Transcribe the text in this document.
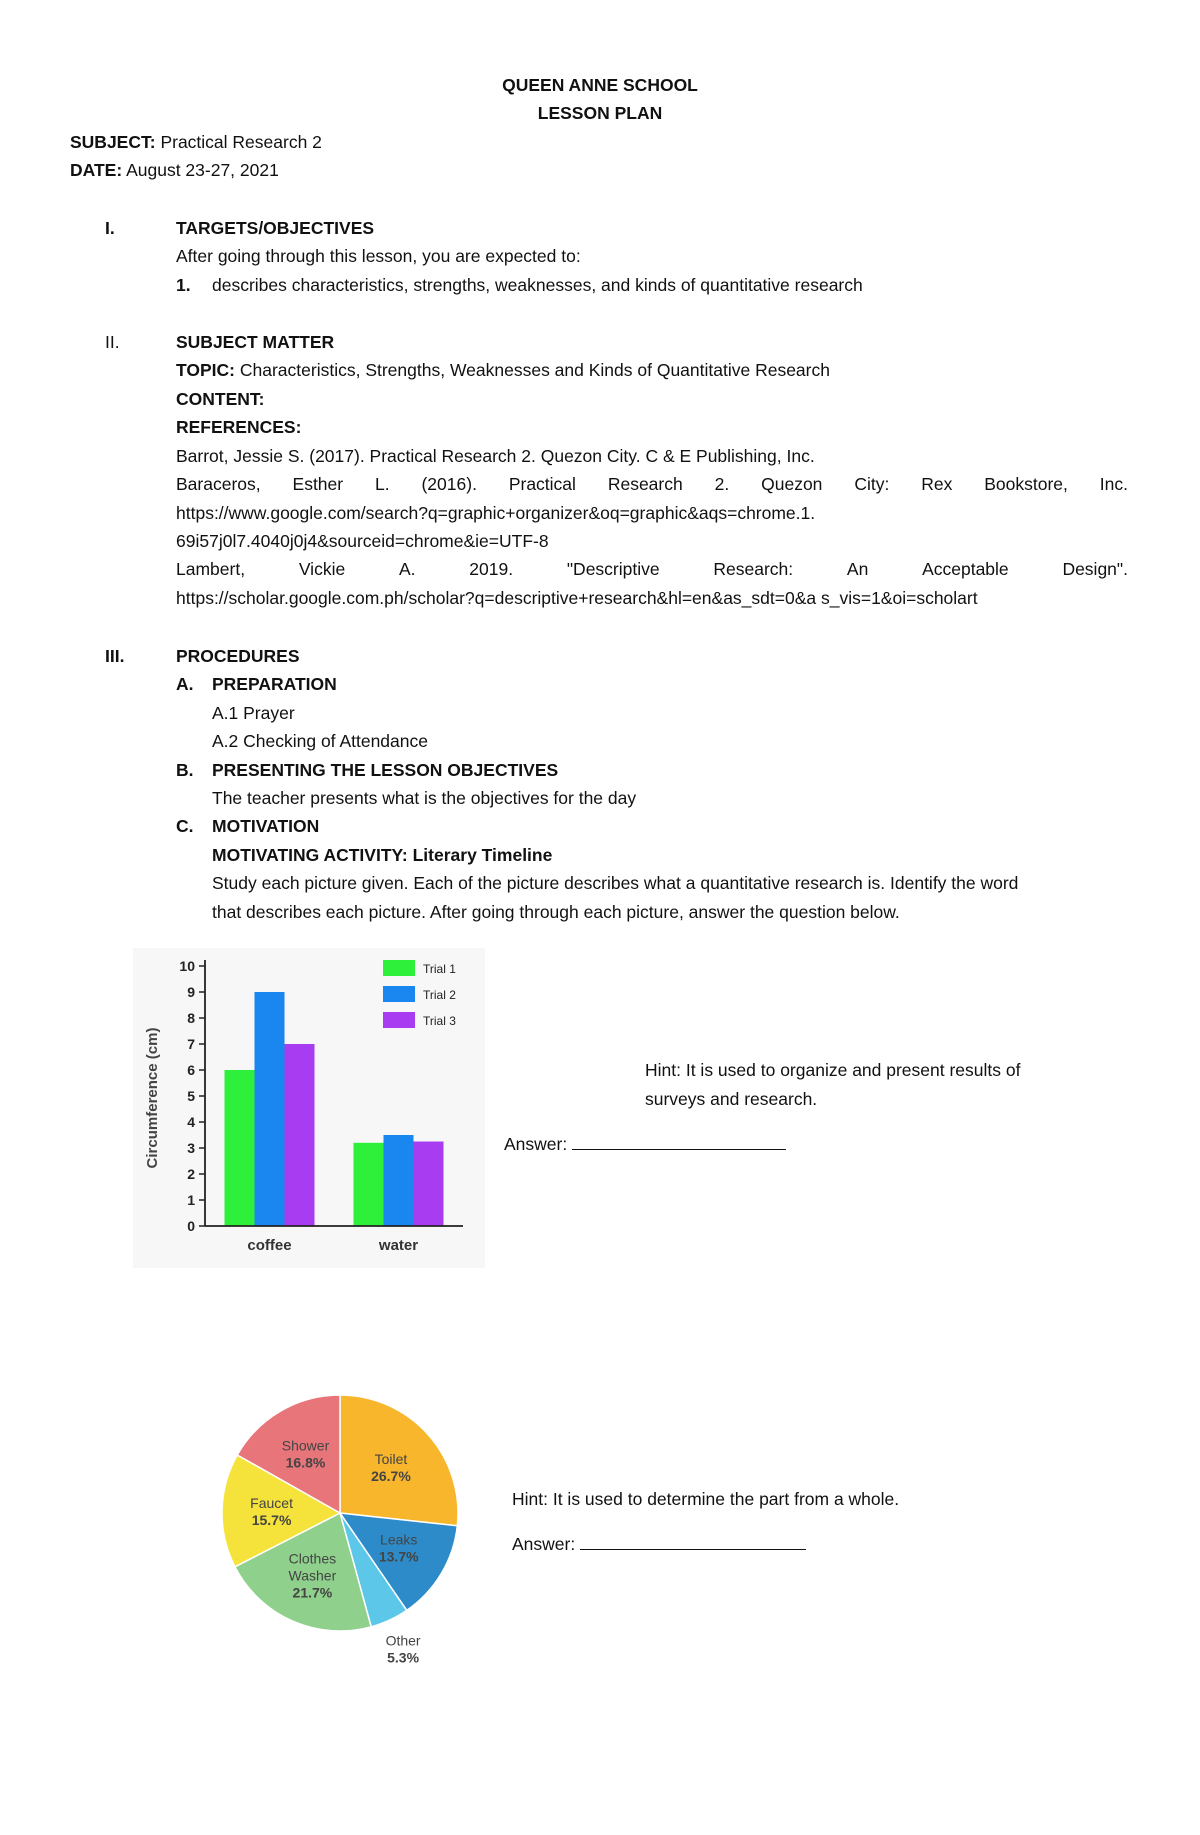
QUEEN ANNE SCHOOL
LESSON PLAN
SUBJECT: Practical Research 2
DATE: August 23-27, 2021
I.	TARGETS/OBJECTIVES
After going through this lesson, you are expected to:
1. describes characteristics, strengths, weaknesses, and kinds of quantitative research
II.	SUBJECT MATTER
TOPIC: Characteristics, Strengths, Weaknesses and Kinds of Quantitative Research
CONTENT:
REFERENCES:
Barrot, Jessie S. (2017). Practical Research 2. Quezon City. C & E Publishing, Inc.
Baraceros, Esther L. (2016). Practical Research 2. Quezon City: Rex Bookstore, Inc.
https://www.google.com/search?q=graphic+organizer&oq=graphic&aqs=chrome.1.
69i57j0l7.4040j0j4&sourceid=chrome&ie=UTF-8
Lambert,	Vickie	A.	2019.	"Descriptive	Research:	An	Acceptable	Design".
https://scholar.google.com.ph/scholar?q=descriptive+research&hl=en&as_sdt=0&a s_vis=1&oi=scholart
III.	PROCEDURES
A. PREPARATION
A.1 Prayer
A.2 Checking of Attendance
B. PRESENTING THE LESSON OBJECTIVES
The teacher presents what is the objectives for the day
C. MOTIVATION
MOTIVATING ACTIVITY: Literary Timeline
Study each picture given. Each of the picture describes what a quantitative research is. Identify the word
that describes each picture. After going through each picture, answer the question below.
Circumference (cm)
0
1
2
3
4
5
6
7
8
9
10
coffee	water
Trial 1
Trial 2
Trial 3
Hint: It is used to organize and present results of
surveys and research.
Answer:
Toilet 26.7%
Leaks 13.7%
Other 5.3%
Clothes Washer 21.7%
Faucet 15.7%
Shower 16.8%
Hint: It is used to determine the part from a whole.
Answer:
